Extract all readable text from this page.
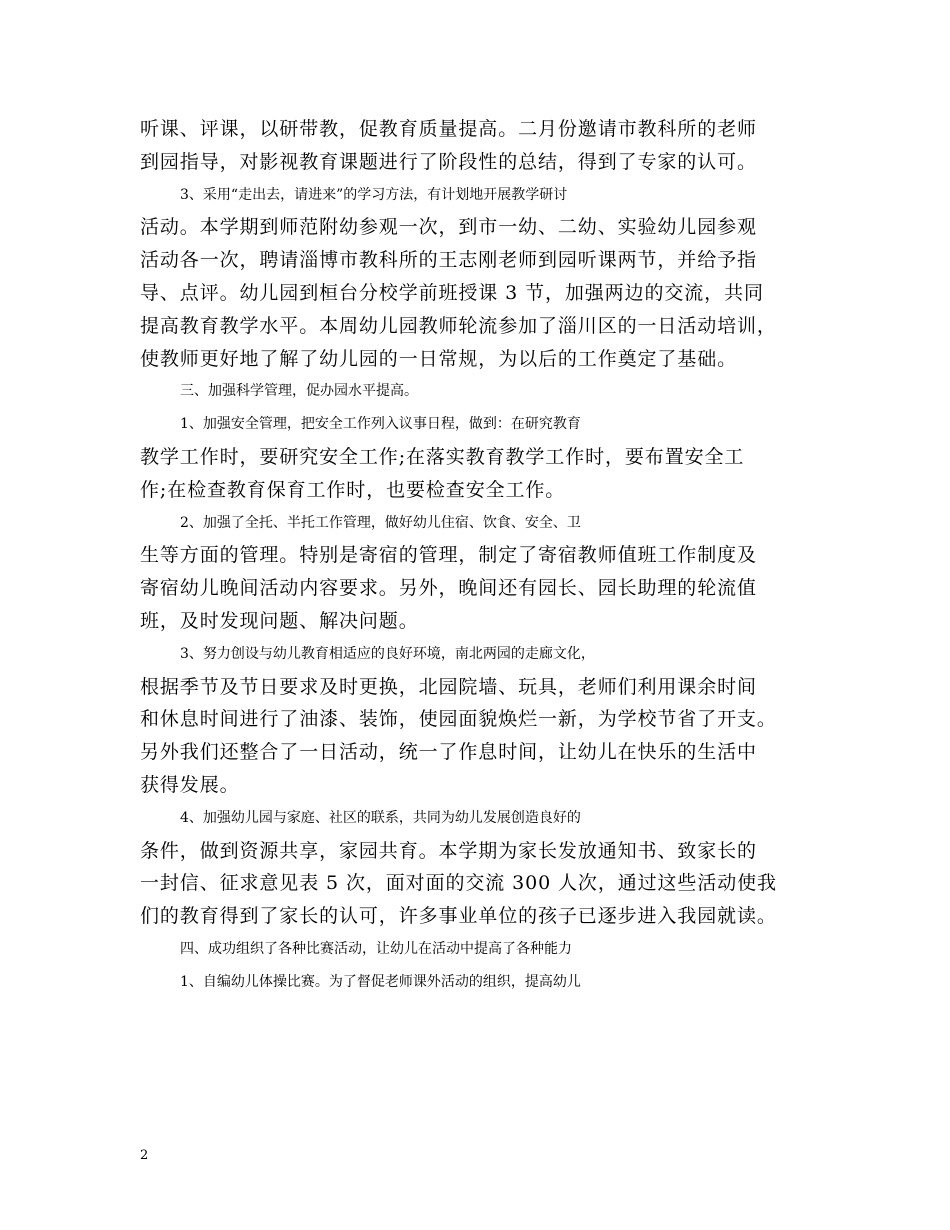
听课、评课，以研带教，促教育质量提高。二月份邀请市教科所的老师
到园指导，对影视教育课题进行了阶段性的总结，得到了专家的认可。
3、采用“走出去，请进来”的学习方法，有计划地开展教学研讨
活动。本学期到师范附幼参观一次，到市一幼、二幼、实验幼儿园参观
活动各一次，聘请淄博市教科所的王志刚老师到园听课两节，并给予指
导、点评。幼儿园到桓台分校学前班授课 3 节，加强两边的交流，共同
提高教育教学水平。本周幼儿园教师轮流参加了淄川区的一日活动培训，
使教师更好地了解了幼儿园的一日常规，为以后的工作奠定了基础。
三、加强科学管理，促办园水平提高。
1、加强安全管理，把安全工作列入议事日程，做到：在研究教育
教学工作时，要研究安全工作;在落实教育教学工作时，要布置安全工
作;在检查教育保育工作时，也要检查安全工作。
2、加强了全托、半托工作管理，做好幼儿住宿、饮食、安全、卫
生等方面的管理。特别是寄宿的管理，制定了寄宿教师值班工作制度及
寄宿幼儿晚间活动内容要求。另外，晚间还有园长、园长助理的轮流值
班，及时发现问题、解决问题。
3、努力创设与幼儿教育相适应的良好环境，南北两园的走廊文化，
根据季节及节日要求及时更换，北园院墙、玩具，老师们利用课余时间
和休息时间进行了油漆、装饰，使园面貌焕烂一新，为学校节省了开支。
另外我们还整合了一日活动，统一了作息时间，让幼儿在快乐的生活中
获得发展。
4、加强幼儿园与家庭、社区的联系，共同为幼儿发展创造良好的
条件，做到资源共享，家园共育。本学期为家长发放通知书、致家长的
一封信、征求意见表 5 次，面对面的交流 300 人次，通过这些活动使我
们的教育得到了家长的认可，许多事业单位的孩子已逐步进入我园就读。
四、成功组织了各种比赛活动，让幼儿在活动中提高了各种能力
1、自编幼儿体操比赛。为了督促老师课外活动的组织，提高幼儿
2
